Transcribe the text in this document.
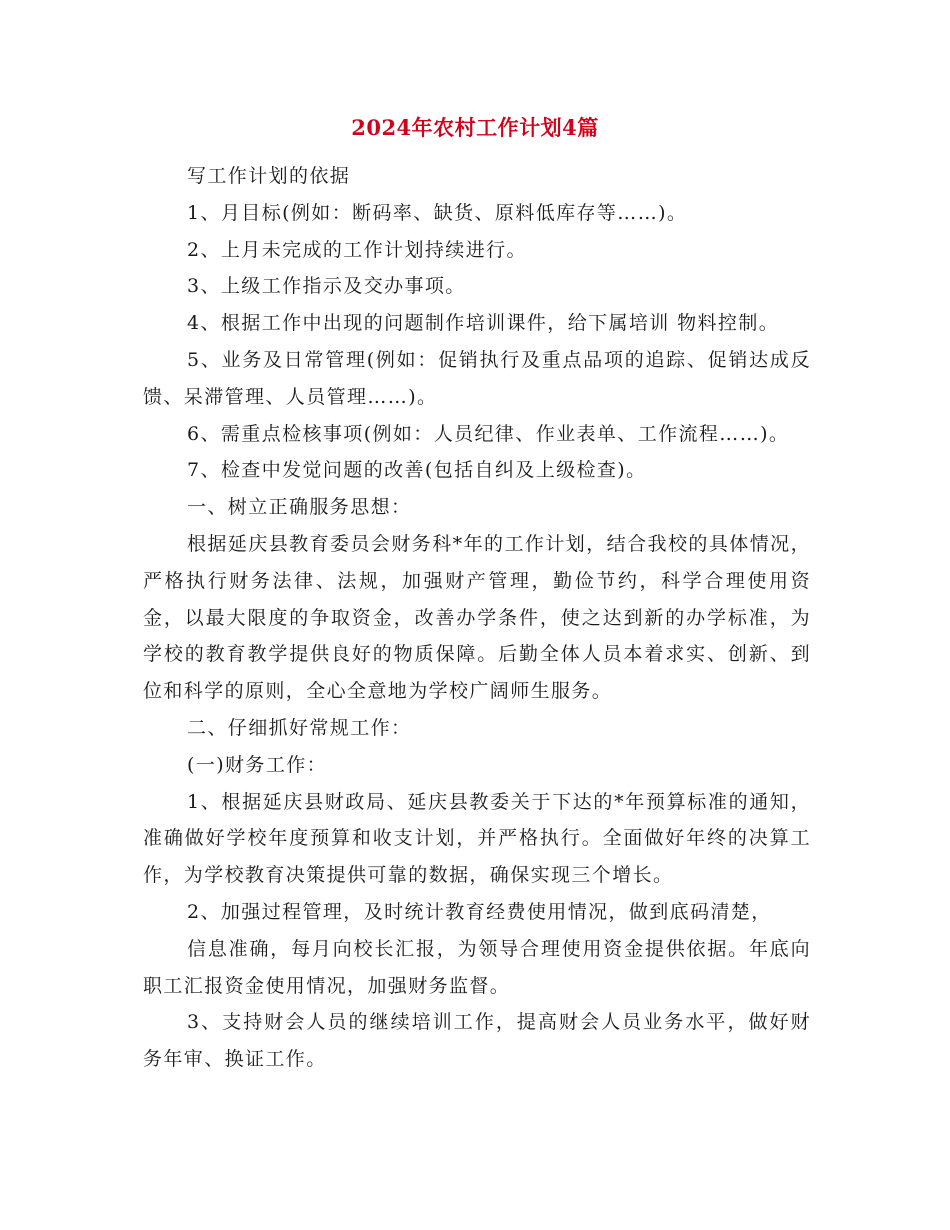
2024年农村工作计划4篇

写工作计划的依据

1、月目标(例如：断码率、缺货、原料低库存等……)。

2、上月未完成的工作计划持续进行。

3、上级工作指示及交办事项。

4、根据工作中出现的问题制作培训课件，给下属培训 物料控制。

5、业务及日常管理(例如：促销执行及重点品项的追踪、促销达成反馈、呆滞管理、人员管理……)。

6、需重点检核事项(例如：人员纪律、作业表单、工作流程……)。

7、检查中发觉问题的改善(包括自纠及上级检查)。

一、树立正确服务思想：

根据延庆县教育委员会财务科*年的工作计划，结合我校的具体情况，严格执行财务法律、法规，加强财产管理，勤俭节约，科学合理使用资金，以最大限度的争取资金，改善办学条件，使之达到新的办学标准，为学校的教育教学提供良好的物质保障。后勤全体人员本着求实、创新、到位和科学的原则，全心全意地为学校广阔师生服务。

二、仔细抓好常规工作：

(一)财务工作：

1、根据延庆县财政局、延庆县教委关于下达的*年预算标准的通知，准确做好学校年度预算和收支计划，并严格执行。全面做好年终的决算工作，为学校教育决策提供可靠的数据，确保实现三个增长。

2、加强过程管理，及时统计教育经费使用情况，做到底码清楚，

信息准确，每月向校长汇报，为领导合理使用资金提供依据。年底向职工汇报资金使用情况，加强财务监督。

3、支持财会人员的继续培训工作，提高财会人员业务水平，做好财务年审、换证工作。
